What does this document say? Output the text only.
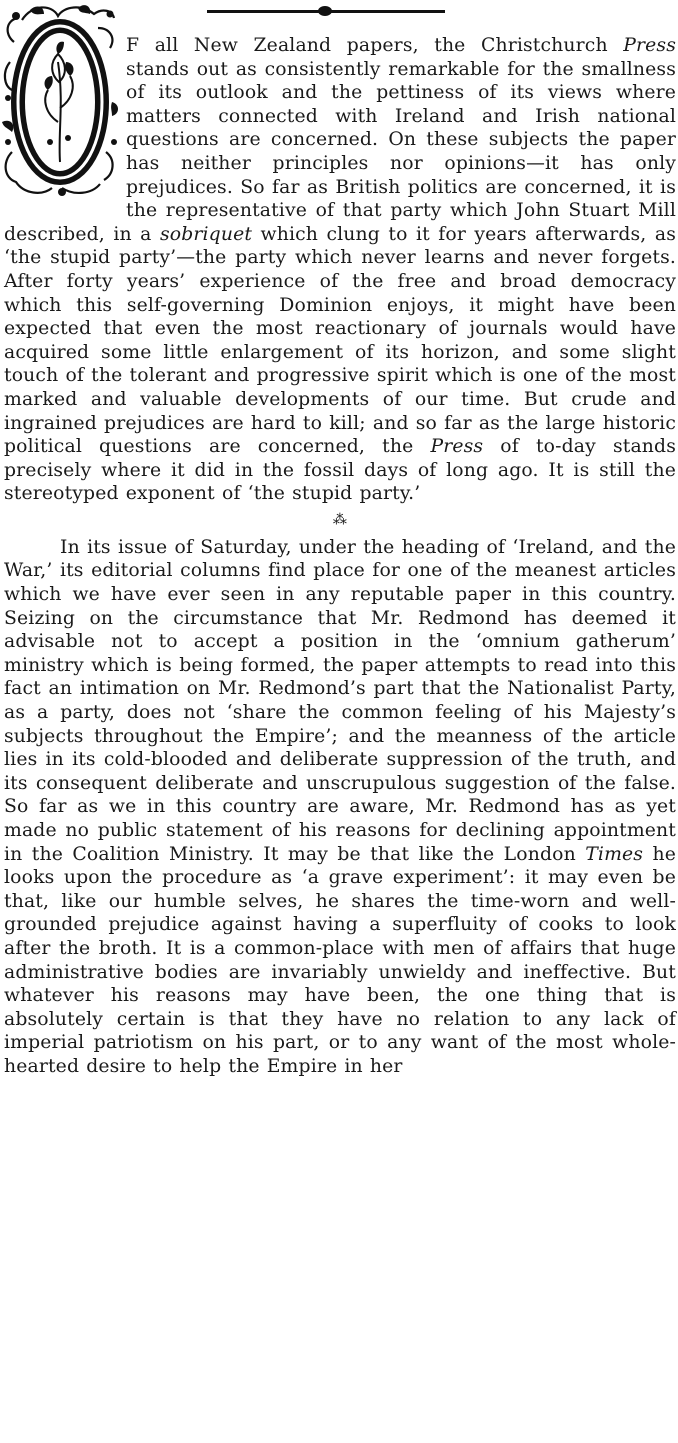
F all New Zealand papers, the Christchurch Press stands out as consistently remarkable for the smallness of its outlook and the pettiness of its views where matters connected with Ireland and Irish national questions are concerned. On these subjects the paper has neither principles nor opinions—it has only prejudices. So far as British politics are concerned, it is the representative of that party which John Stuart Mill described, in a sobriquet which clung to it for years afterwards, as ‘the stupid party’—the party which never learns and never forgets. After forty years’ experience of the free and broad democracy which this self-governing Dominion enjoys, it might have been expected that even the most reactionary of journals would have acquired some little enlargement of its horizon, and some slight touch of the tolerant and progressive spirit which is one of the most marked and valuable developments of our time. But crude and ingrained prejudices are hard to kill; and so far as the large historic political questions are concerned, the Press of to-day stands precisely where it did in the fossil days of long ago. It is still the stereotyped exponent of ‘the stupid party.’

⁂

In its issue of Saturday, under the heading of ‘Ireland, and the War,’ its editorial columns find place for one of the meanest articles which we have ever seen in any reputable paper in this country. Seizing on the circumstance that Mr. Redmond has deemed it advisable not to accept a position in the ‘omnium gatherum’ ministry which is being formed, the paper attempts to read into this fact an intimation on Mr. Redmond’s part that the Nationalist Party, as a party, does not ‘share the common feeling of his Majesty’s subjects throughout the Empire’; and the meanness of the article lies in its cold-blooded and deliberate suppression of the truth, and its consequent deliberate and unscrupulous suggestion of the false. So far as we in this country are aware, Mr. Redmond has as yet made no public statement of his reasons for declining appointment in the Coalition Ministry. It may be that like the London Times he looks upon the procedure as ‘a grave experiment’: it may even be that, like our humble selves, he shares the time-worn and well-grounded prejudice against having a superfluity of cooks to look after the broth. It is a common-place with men of affairs that huge administrative bodies are invariably unwieldy and ineffective. But whatever his reasons may have been, the one thing that is absolutely certain is that they have no relation to any lack of imperial patriotism on his part, or to any want of the most whole-hearted desire to help the Empire in her
